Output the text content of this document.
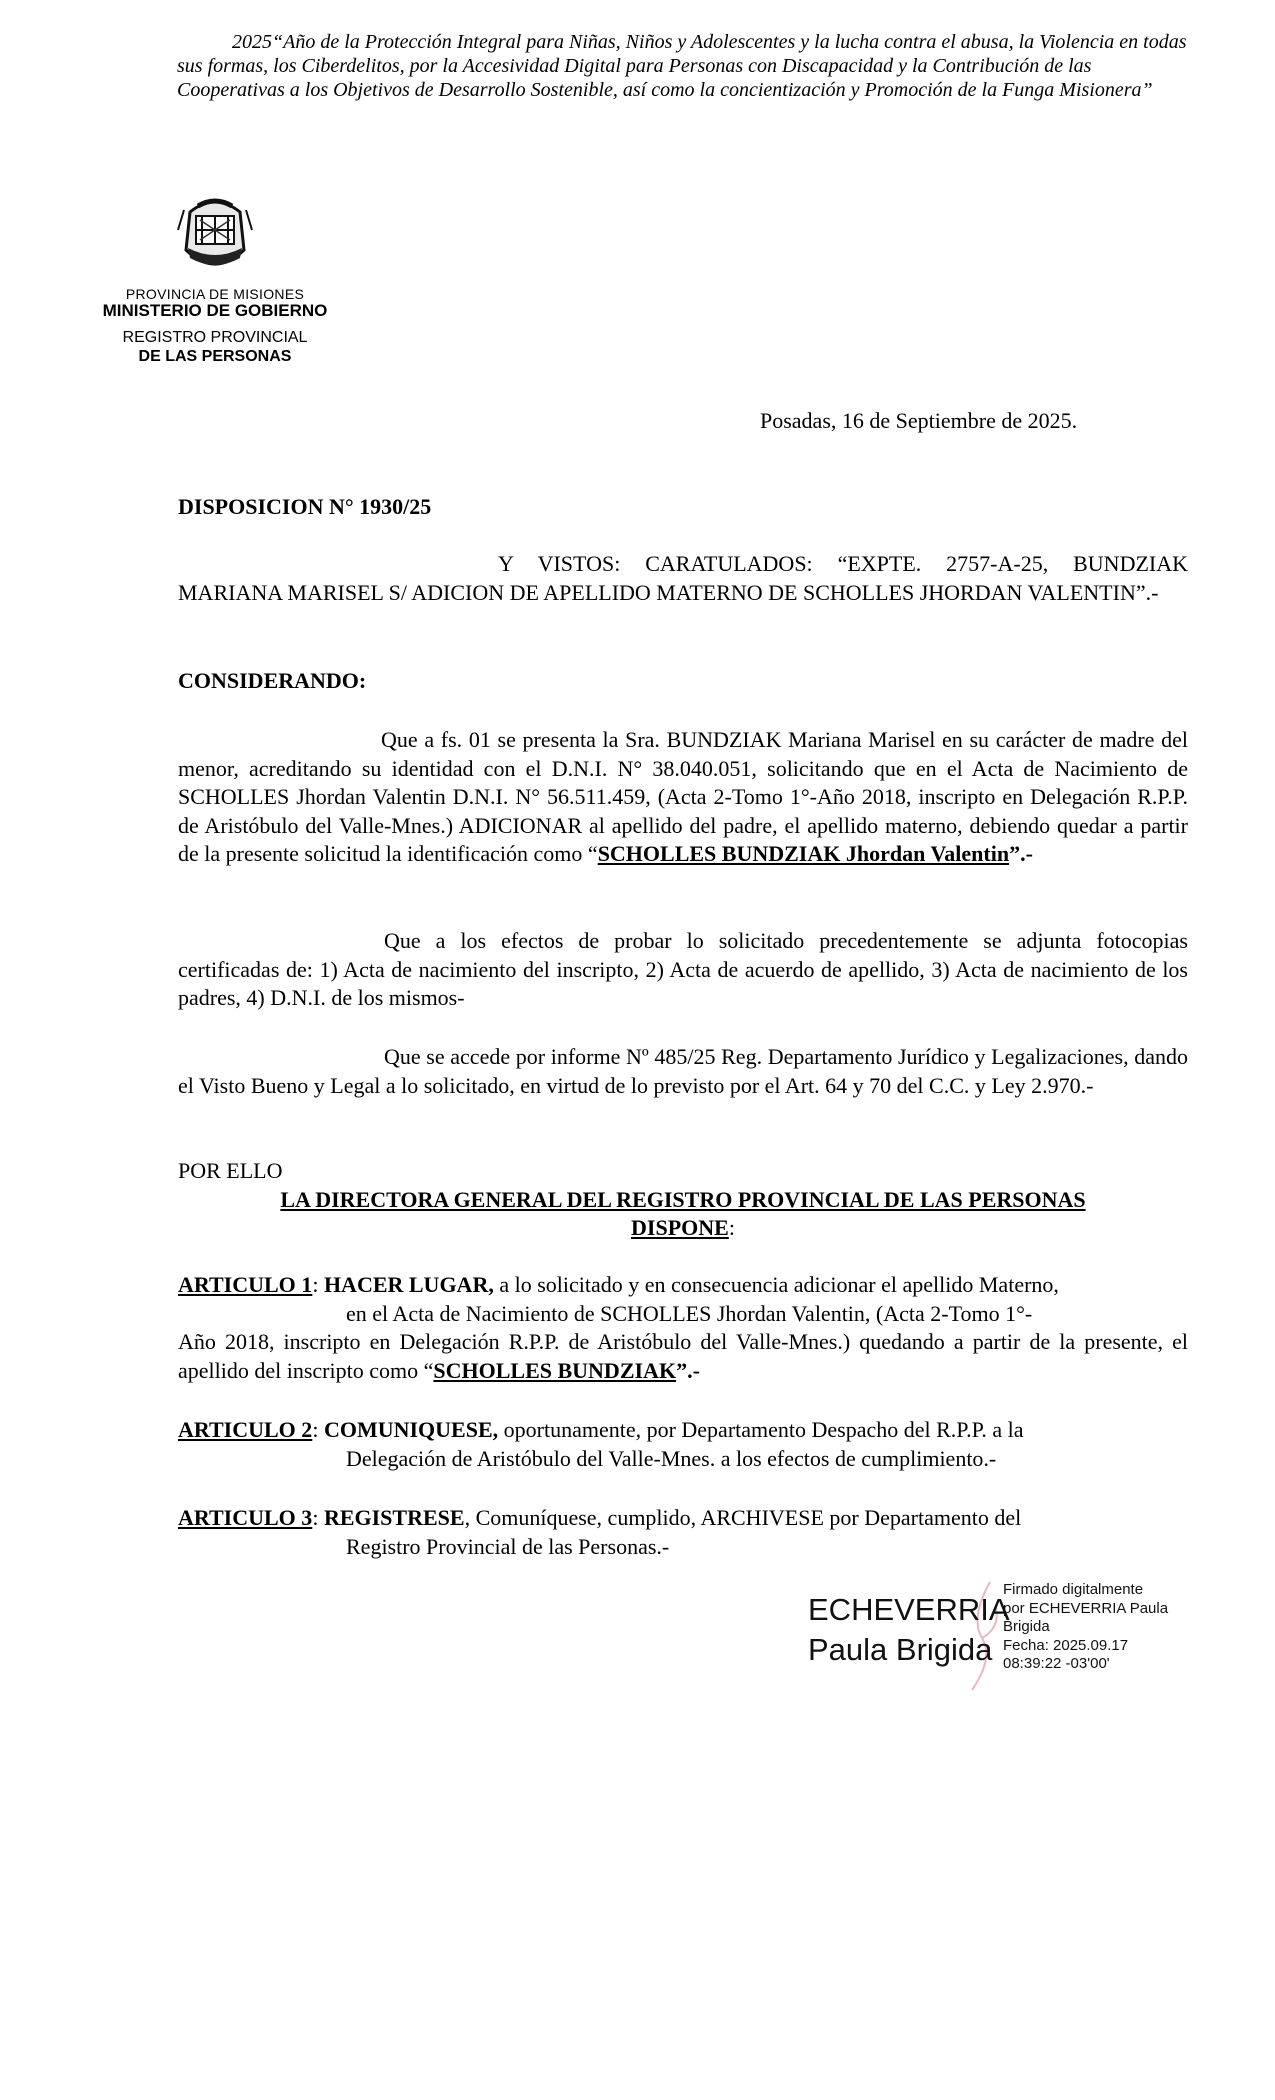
2025“Año de la Protección Integral para Niñas, Niños y Adolescentes y la lucha contra el abusa, la Violencia en todas sus formas, los Ciberdelitos, por la Accesividad Digital para Personas con Discapacidad y la Contribución de las Cooperativas a los Objetivos de Desarrollo Sostenible, así como la concientización y Promoción de la Funga Misionera”
PROVINCIA DE MISIONES
MINISTERIO DE GOBIERNO
REGISTRO PROVINCIAL
DE LAS PERSONAS
Posadas, 16 de Septiembre de 2025.
DISPOSICION N° 1930/25
Y VISTOS: CARATULADOS: “EXPTE. 2757-A-25, BUNDZIAK MARIANA MARISEL S/ ADICION DE APELLIDO MATERNO DE SCHOLLES JHORDAN VALENTIN”.-
CONSIDERANDO:
Que a fs. 01 se presenta la Sra. BUNDZIAK Mariana Marisel en su carácter de madre del menor, acreditando su identidad con el D.N.I. N° 38.040.051, solicitando que en el Acta de Nacimiento de SCHOLLES Jhordan Valentin D.N.I. N° 56.511.459, (Acta 2-Tomo 1°-Año 2018, inscripto en Delegación R.P.P. de Aristóbulo del Valle-Mnes.) ADICIONAR al apellido del padre, el apellido materno, debiendo quedar a partir de la presente solicitud la identificación como “SCHOLLES BUNDZIAK Jhordan Valentin”.-
Que a los efectos de probar lo solicitado precedentemente se adjunta fotocopias certificadas de: 1) Acta de nacimiento del inscripto, 2) Acta de acuerdo de apellido, 3) Acta de nacimiento de los padres, 4) D.N.I. de los mismos-
Que se accede por informe Nº 485/25 Reg. Departamento Jurídico y Legalizaciones, dando el Visto Bueno y Legal a lo solicitado, en virtud de lo previsto por el Art. 64 y 70 del C.C. y Ley 2.970.-
POR ELLO
LA DIRECTORA GENERAL DEL REGISTRO PROVINCIAL DE LAS PERSONAS
DISPONE:
ARTICULO 1: HACER LUGAR, a lo solicitado y en consecuencia adicionar el apellido Materno,
en el Acta de Nacimiento de SCHOLLES Jhordan Valentin, (Acta 2-Tomo 1°-
Año 2018, inscripto en Delegación R.P.P. de Aristóbulo del Valle-Mnes.) quedando a partir de la presente, el apellido del inscripto como “SCHOLLES BUNDZIAK”.-
ARTICULO 2: COMUNIQUESE, oportunamente, por Departamento Despacho del R.P.P. a la
Delegación de Aristóbulo del Valle-Mnes. a los efectos de cumplimiento.-
ARTICULO 3: REGISTRESE, Comuníquese, cumplido, ARCHIVESE por Departamento del
Registro Provincial de las Personas.-
ECHEVERRIA
Paula Brigida
Firmado digitalmente
por ECHEVERRIA Paula
Brigida
Fecha: 2025.09.17
08:39:22 -03'00'
